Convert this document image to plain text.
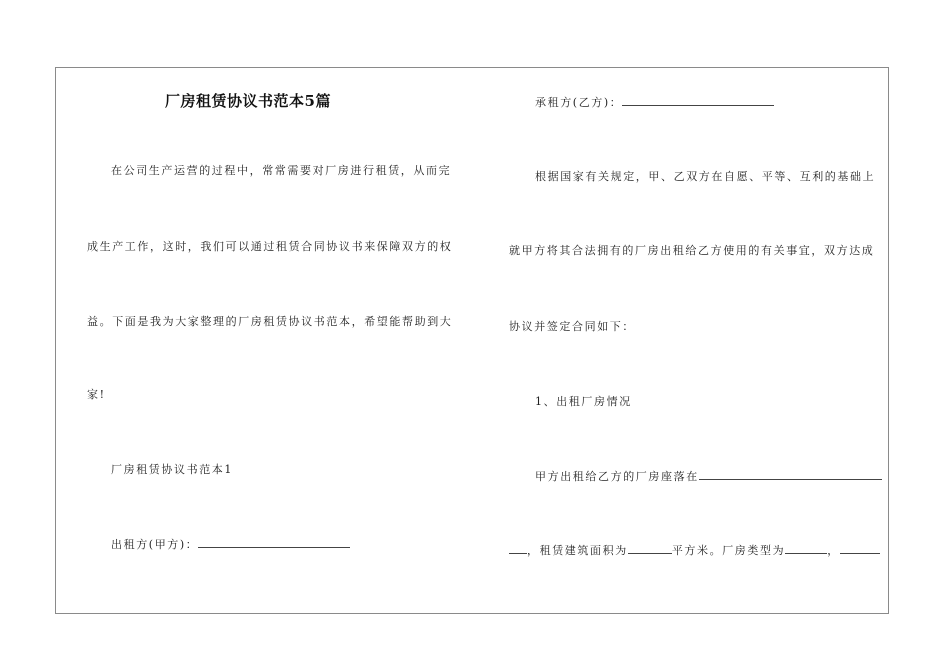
厂房租赁协议书范本5篇
在公司生产运营的过程中，常常需要对厂房进行租赁，从而完
成生产工作，这时，我们可以通过租赁合同协议书来保障双方的权
益。下面是我为大家整理的厂房租赁协议书范本，希望能帮助到大
家!
厂房租赁协议书范本1
出租方(甲方)：
承租方(乙方)：
根据国家有关规定，甲、乙双方在自愿、平等、互利的基础上
就甲方将其合法拥有的厂房出租给乙方使用的有关事宜，双方达成
协议并签定合同如下：
1、出租厂房情况
甲方出租给乙方的厂房座落在
，租赁建筑面积为	平方米。厂房类型为	，
